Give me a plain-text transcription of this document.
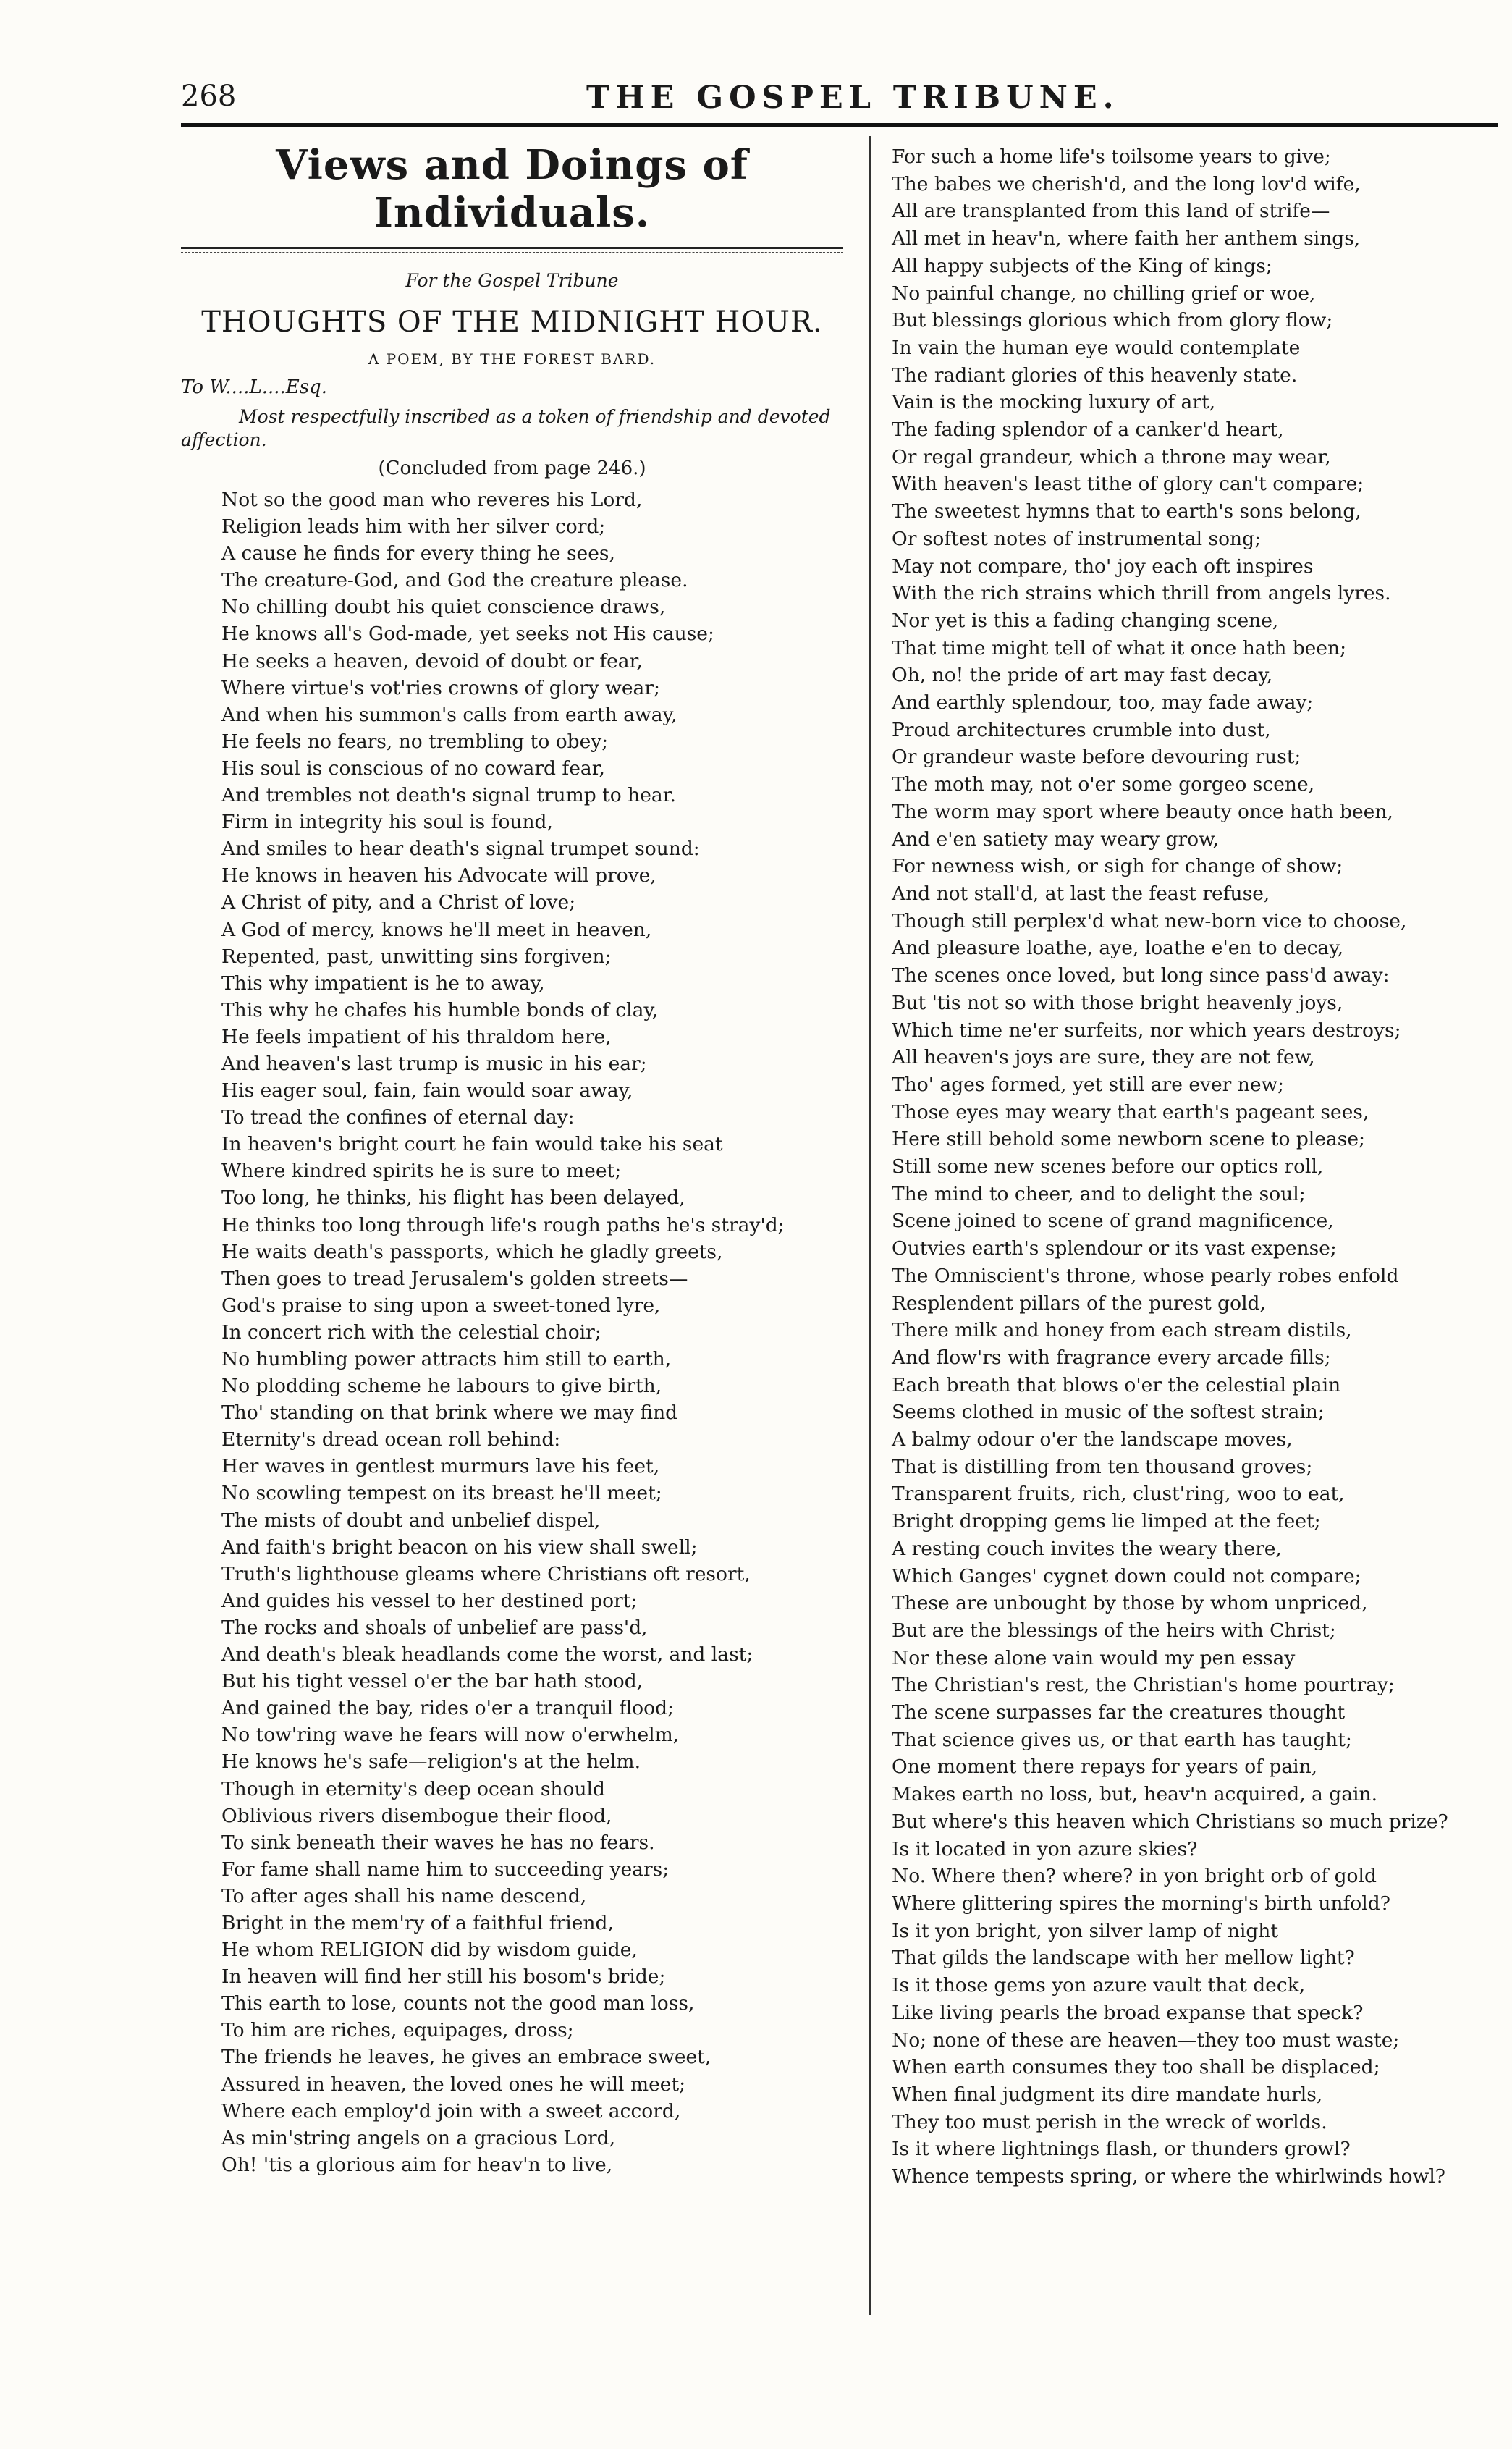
268	THE GOSPEL TRIBUNE.
Views and Doings of Individuals.
For the Gospel Tribune
THOUGHTS OF THE MIDNIGHT HOUR.
A POEM, BY THE FOREST BARD.
To W....L....Esq.
Most respectfully inscribed as a token of friendship and devoted affection.
(Concluded from page 246.)
Not so the good man who reveres his Lord,
Religion leads him with her silver cord;
A cause he finds for every thing he sees,
The creature-God, and God the creature please.
No chilling doubt his quiet conscience draws,
He knows all's God-made, yet seeks not His cause;
He seeks a heaven, devoid of doubt or fear,
Where virtue's vot'ries crowns of glory wear;
And when his summon's calls from earth away,
He feels no fears, no trembling to obey;
His soul is conscious of no coward fear,
And trembles not death's signal trump to hear.
Firm in integrity his soul is found,
And smiles to hear death's signal trumpet sound:
He knows in heaven his Advocate will prove,
A Christ of pity, and a Christ of love;
A God of mercy, knows he'll meet in heaven,
Repented, past, unwitting sins forgiven;
This why impatient is he to away,
This why he chafes his humble bonds of clay,
He feels impatient of his thraldom here,
And heaven's last trump is music in his ear;
His eager soul, fain, fain would soar away,
To tread the confines of eternal day:
In heaven's bright court he fain would take his seat
Where kindred spirits he is sure to meet;
Too long, he thinks, his flight has been delayed,
He thinks too long through life's rough paths he's stray'd;
He waits death's passports, which he gladly greets,
Then goes to tread Jerusalem's golden streets—
God's praise to sing upon a sweet-toned lyre,
In concert rich with the celestial choir;
No humbling power attracts him still to earth,
No plodding scheme he labours to give birth,
Tho' standing on that brink where we may find
Eternity's dread ocean roll behind:
Her waves in gentlest murmurs lave his feet,
No scowling tempest on its breast he'll meet;
The mists of doubt and unbelief dispel,
And faith's bright beacon on his view shall swell;
Truth's lighthouse gleams where Christians oft resort,
And guides his vessel to her destined port;
The rocks and shoals of unbelief are pass'd,
And death's bleak headlands come the worst, and last;
But his tight vessel o'er the bar hath stood,
And gained the bay, rides o'er a tranquil flood;
No tow'ring wave he fears will now o'erwhelm,
He knows he's safe—religion's at the helm.
Though in eternity's deep ocean should
Oblivious rivers disembogue their flood,
To sink beneath their waves he has no fears.
For fame shall name him to succeeding years;
To after ages shall his name descend,
Bright in the mem'ry of a faithful friend,
He whom RELIGION did by wisdom guide,
In heaven will find her still his bosom's bride;
This earth to lose, counts not the good man loss,
To him are riches, equipages, dross;
The friends he leaves, he gives an embrace sweet,
Assured in heaven, the loved ones he will meet;
Where each employ'd join with a sweet accord,
As min'string angels on a gracious Lord,
Oh! 'tis a glorious aim for heav'n to live,
For such a home life's toilsome years to give;
The babes we cherish'd, and the long lov'd wife,
All are transplanted from this land of strife—
All met in heav'n, where faith her anthem sings,
All happy subjects of the King of kings;
No painful change, no chilling grief or woe,
But blessings glorious which from glory flow;
In vain the human eye would contemplate
The radiant glories of this heavenly state.
Vain is the mocking luxury of art,
The fading splendor of a canker'd heart,
Or regal grandeur, which a throne may wear,
With heaven's least tithe of glory can't compare;
The sweetest hymns that to earth's sons belong,
Or softest notes of instrumental song;
May not compare, tho' joy each oft inspires
With the rich strains which thrill from angels lyres.
Nor yet is this a fading changing scene,
That time might tell of what it once hath been;
Oh, no! the pride of art may fast decay,
And earthly splendour, too, may fade away;
Proud architectures crumble into dust,
Or grandeur waste before devouring rust;
The moth may, not o'er some gorgeo scene,
The worm may sport where beauty once hath been,
And e'en satiety may weary grow,
For newness wish, or sigh for change of show;
And not stall'd, at last the feast refuse,
Though still perplex'd what new-born vice to choose,
And pleasure loathe, aye, loathe e'en to decay,
The scenes once loved, but long since pass'd away:
But 'tis not so with those bright heavenly joys,
Which time ne'er surfeits, nor which years destroys;
All heaven's joys are sure, they are not few,
Tho' ages formed, yet still are ever new;
Those eyes may weary that earth's pageant sees,
Here still behold some newborn scene to please;
Still some new scenes before our optics roll,
The mind to cheer, and to delight the soul;
Scene joined to scene of grand magnificence,
Outvies earth's splendour or its vast expense;
The Omniscient's throne, whose pearly robes enfold
Resplendent pillars of the purest gold,
There milk and honey from each stream distils,
And flow'rs with fragrance every arcade fills;
Each breath that blows o'er the celestial plain
Seems clothed in music of the softest strain;
A balmy odour o'er the landscape moves,
That is distilling from ten thousand groves;
Transparent fruits, rich, clust'ring, woo to eat,
Bright dropping gems lie limped at the feet;
A resting couch invites the weary there,
Which Ganges' cygnet down could not compare;
These are unbought by those by whom unpriced,
But are the blessings of the heirs with Christ;
Nor these alone vain would my pen essay
The Christian's rest, the Christian's home pourtray;
The scene surpasses far the creatures thought
That science gives us, or that earth has taught;
One moment there repays for years of pain,
Makes earth no loss, but, heav'n acquired, a gain.
But where's this heaven which Christians so much prize?
Is it located in yon azure skies?
No. Where then? where? in yon bright orb of gold
Where glittering spires the morning's birth unfold?
Is it yon bright, yon silver lamp of night
That gilds the landscape with her mellow light?
Is it those gems yon azure vault that deck,
Like living pearls the broad expanse that speck?
No; none of these are heaven—they too must waste;
When earth consumes they too shall be displaced;
When final judgment its dire mandate hurls,
They too must perish in the wreck of worlds.
Is it where lightnings flash, or thunders growl?
Whence tempests spring, or where the whirlwinds howl?
